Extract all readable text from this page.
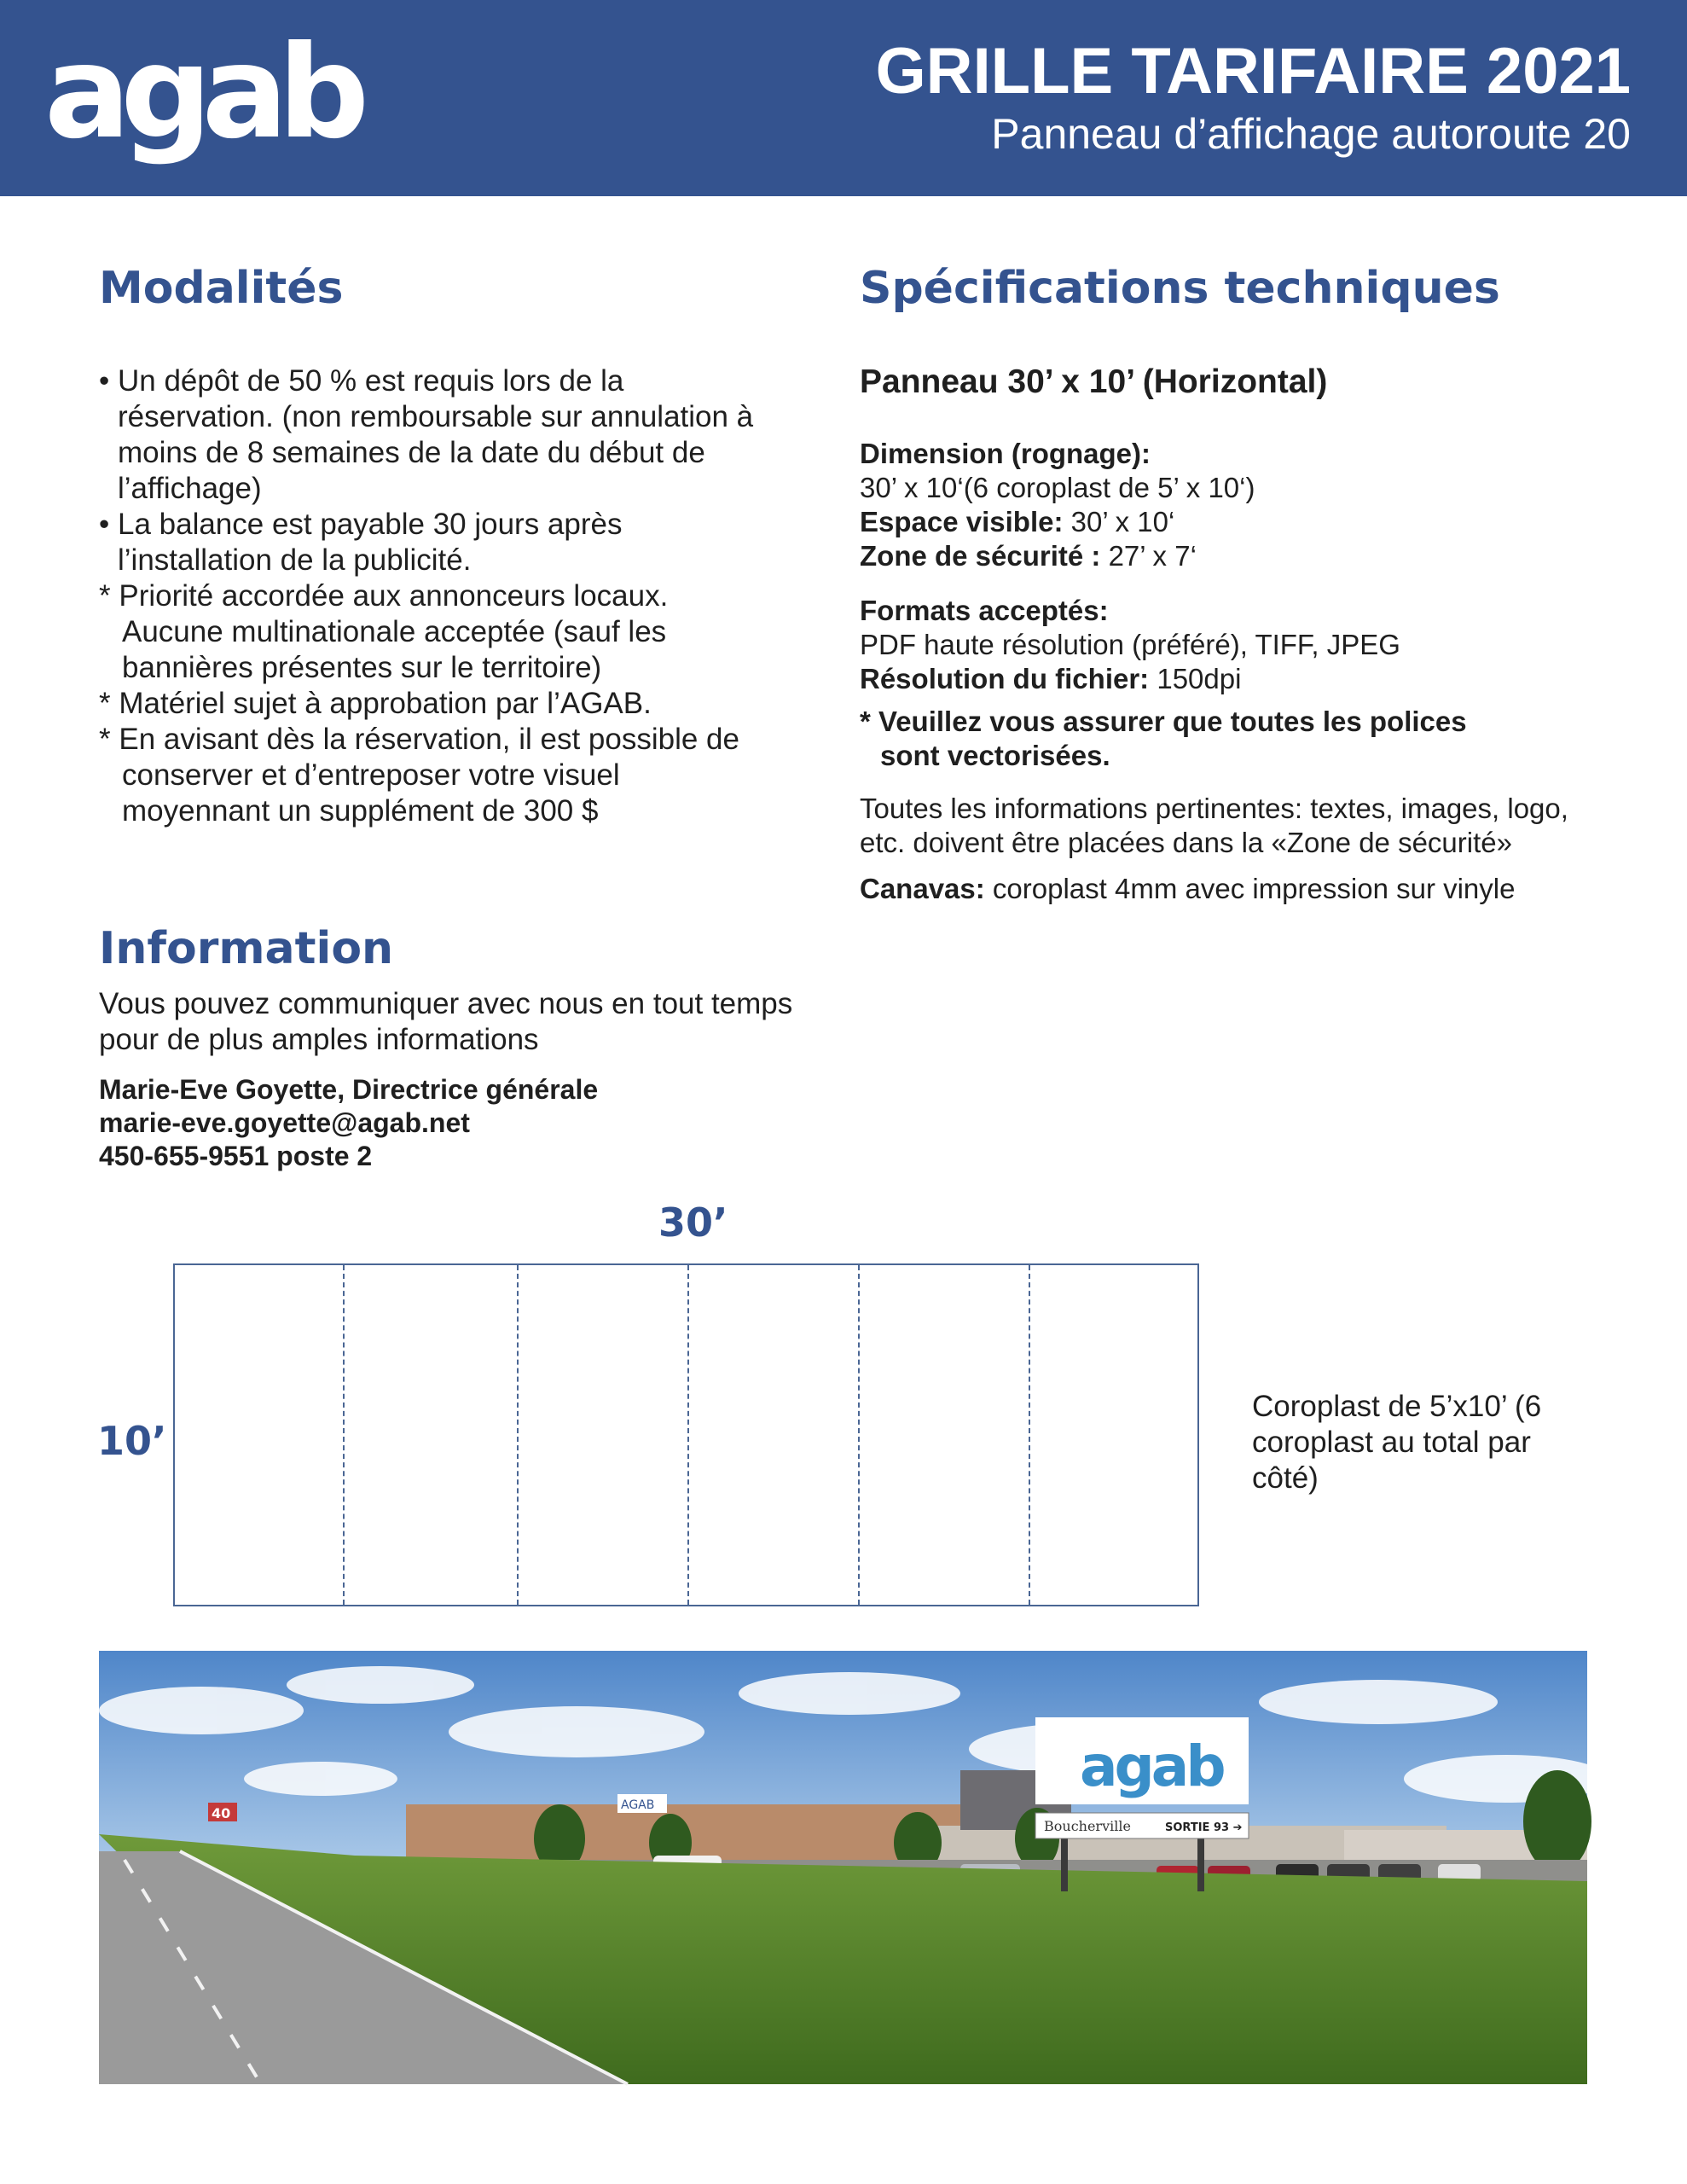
agab	GRILLE TARIFAIRE 2021
Panneau d’affichage autoroute 20
Modalités

• Un dépôt de 50 % est requis lors de la réservation. (non remboursable sur annulation à moins de 8 semaines de la date du début de l’affichage)

• La balance est payable 30 jours après l’installation de la publicité.

* Priorité accordée aux annonceurs locaux. Aucune multinationale acceptée (sauf les bannières présentes sur le territoire)

* Matériel sujet à approbation par l’AGAB.

* En avisant dès la réservation, il est possible de conserver et d’entreposer votre visuel moyennant un supplément de 300 $

Information

Vous pouvez communiquer avec nous en tout temps pour de plus amples informations

Marie-Eve Goyette, Directrice générale
marie-eve.goyette@agab.net
450-655-9551 poste 2
Spécifications techniques
Panneau 30’ x 10’ (Horizontal)
Dimension (rognage):
30’ x 10‘(6 coroplast de 5’ x 10‘)
Espace visible: 30’ x 10‘
Zone de sécurité : 27’ x 7‘
Formats acceptés:
PDF haute résolution (préféré), TIFF, JPEG
Résolution du fichier: 150dpi
* Veuillez vous assurer que toutes les polices sont vectorisées.
Toutes les informations pertinentes: textes, images, logo, etc. doivent être placées dans la «Zone de sécurité»
Canavas: coroplast 4mm avec impression sur vinyle
30’
10’
Coroplast de 5’x10’ (6 coroplast au total par côté)
40	AGAB
agab
Boucherville	SORTIE 93 ➔
